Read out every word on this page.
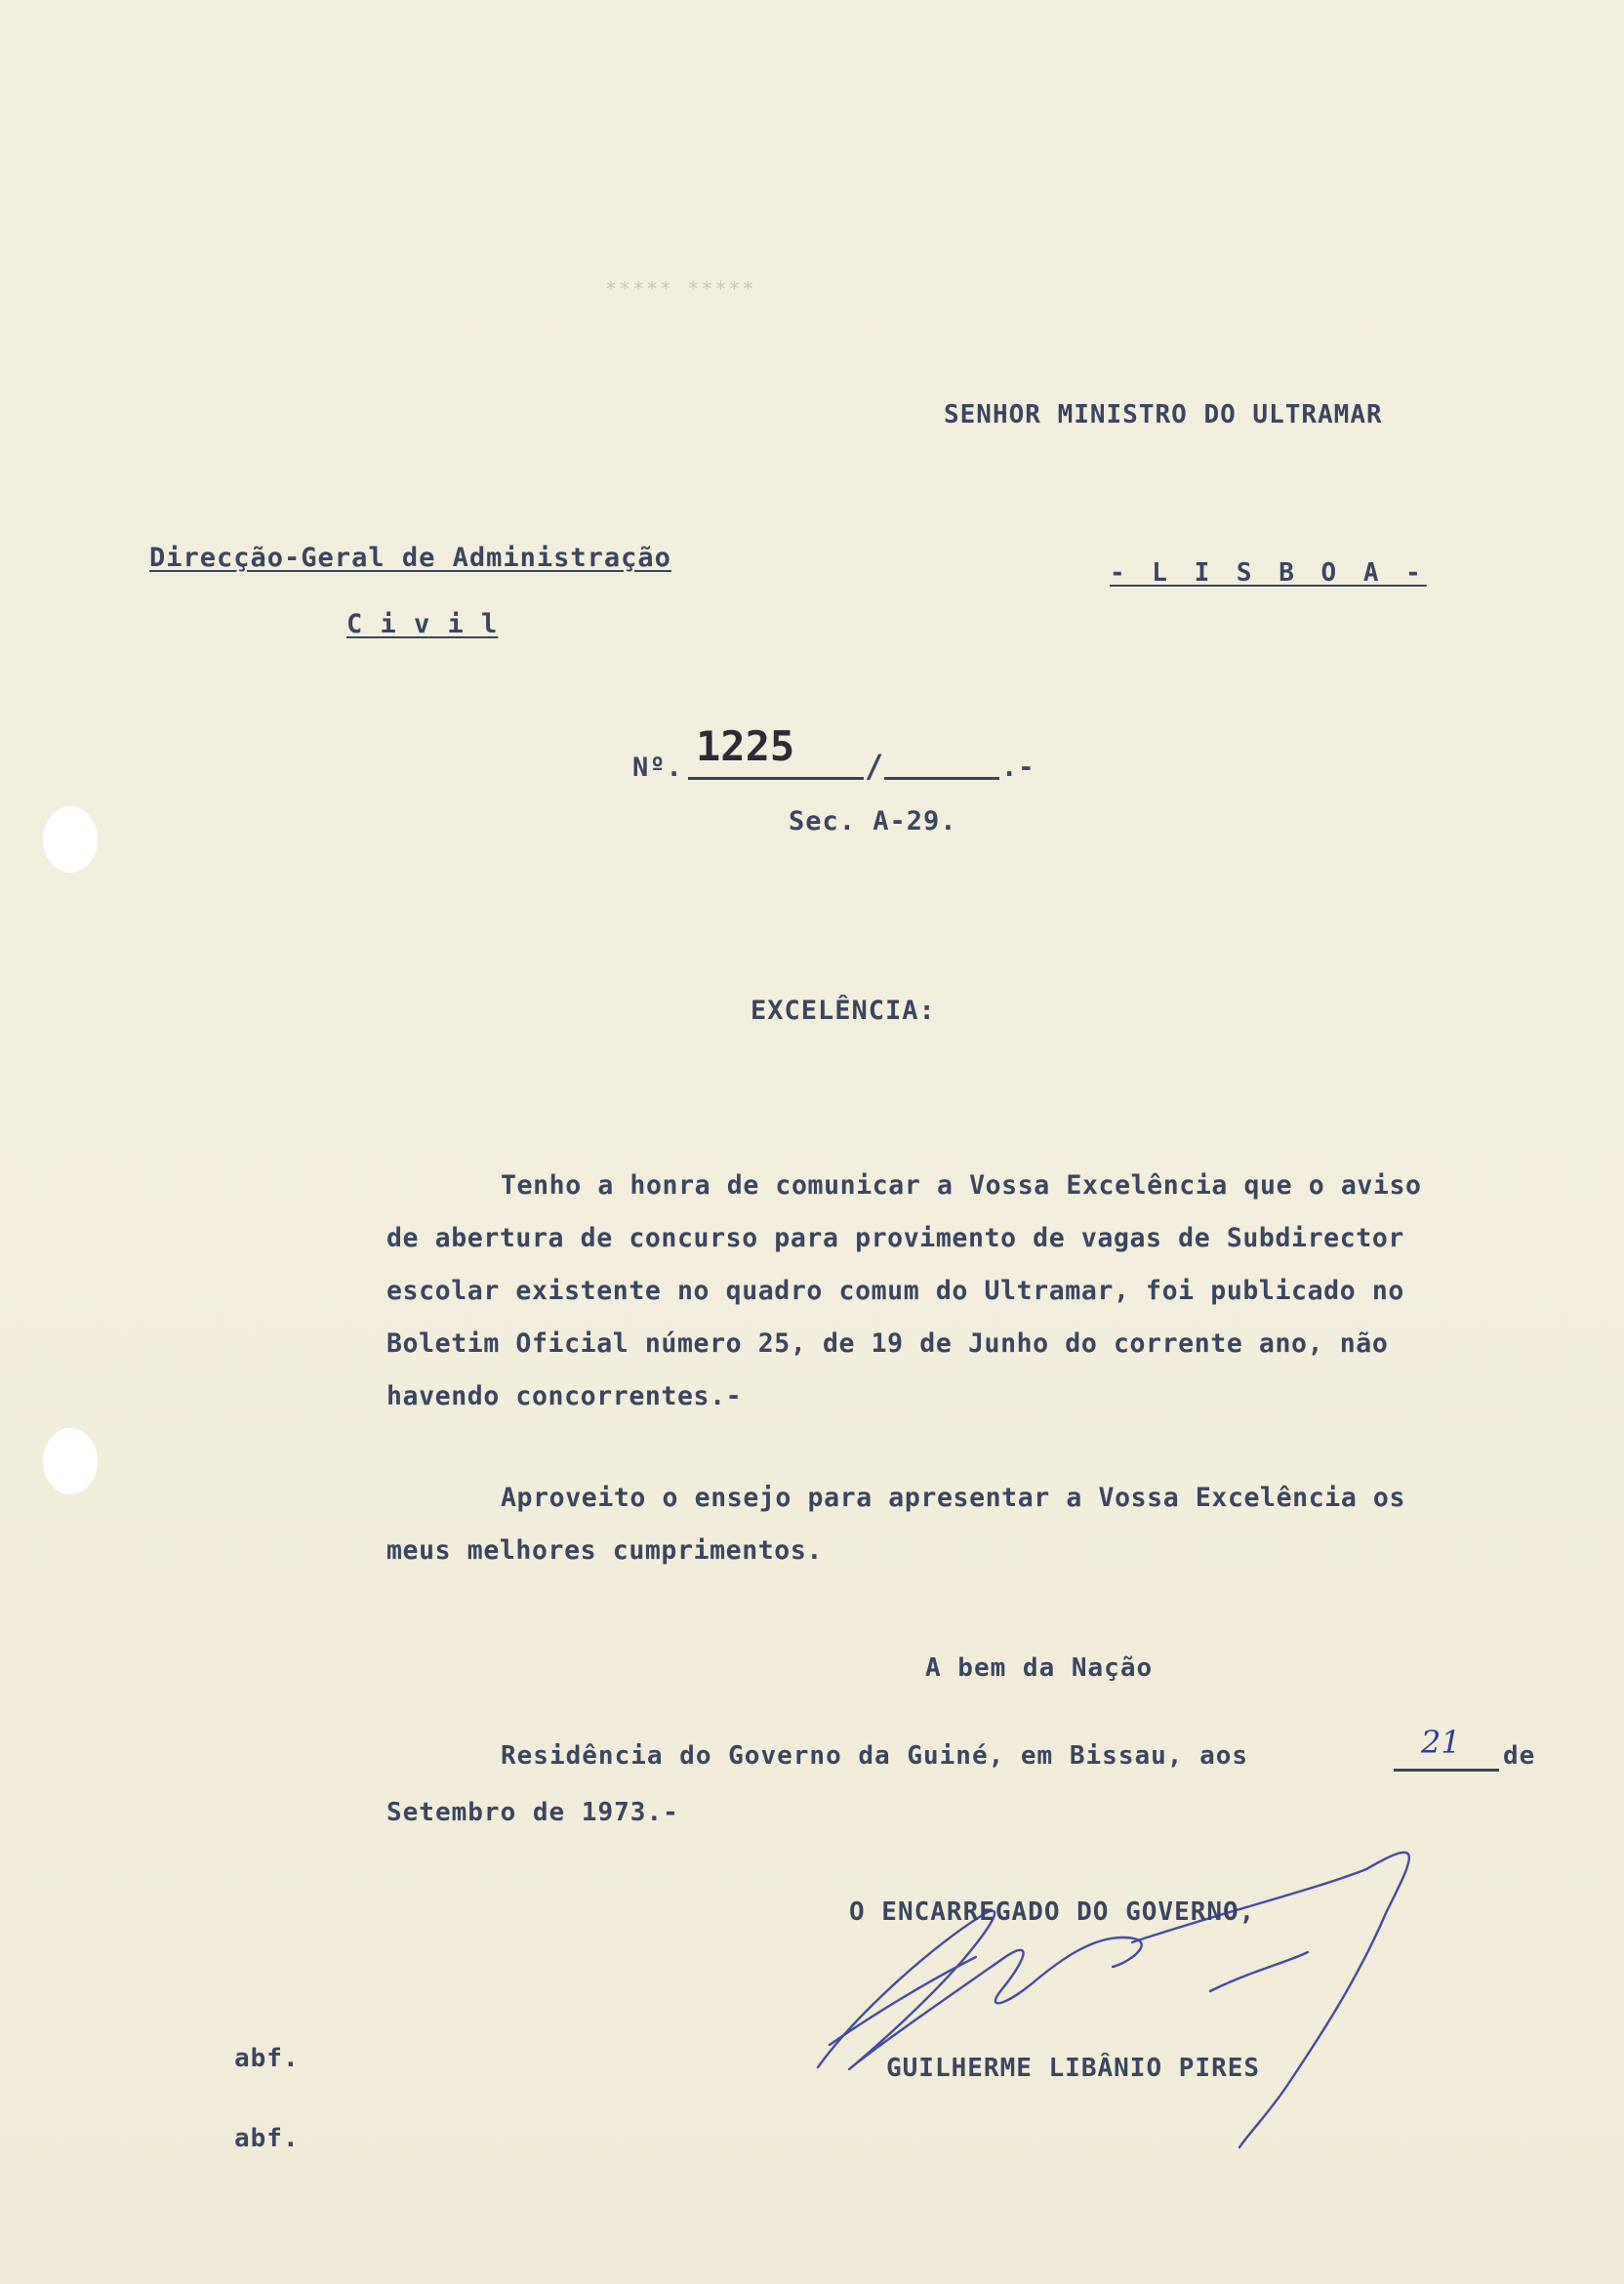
***** *****
SENHOR MINISTRO DO ULTRAMAR
- L I S B O A -
Direcção-Geral de Administração
C i v i l
Nº. 1225 /	.-
Sec. A-29.
EXCELÊNCIA:
Tenho a honra de comunicar a Vossa Excelência que o aviso
de abertura de concurso para provimento de vagas de Subdirector
escolar existente no quadro comum do Ultramar, foi publicado no
Boletim Oficial número 25, de 19 de Junho do corrente ano, não
havendo concorrentes.-
Aproveito o ensejo para apresentar a Vossa Excelência os
meus melhores cumprimentos.
A bem da Nação
Residência do Governo da Guiné, em Bissau, aos	21 de
Setembro de 1973.-
O ENCARREGADO DO GOVERNO,
GUILHERME LIBÂNIO PIRES
abf.
abf.
